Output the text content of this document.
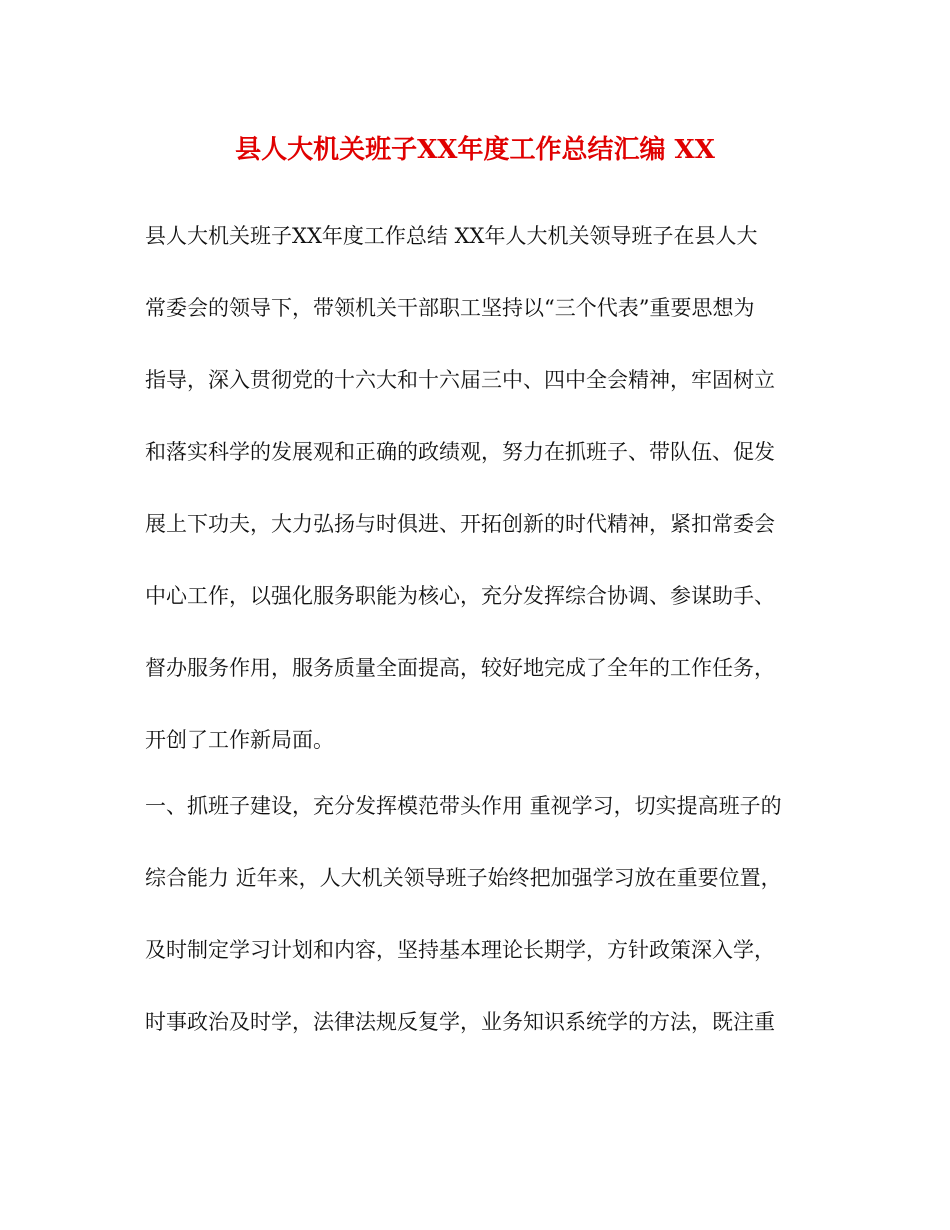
县人大机关班子XX年度工作总结汇编 XX
县人大机关班子XX年度工作总结 XX年人大机关领导班子在县人大
常委会的领导下，带领机关干部职工坚持以“三个代表”重要思想为
指导，深入贯彻党的十六大和十六届三中、四中全会精神，牢固树立
和落实科学的发展观和正确的政绩观，努力在抓班子、带队伍、促发
展上下功夫，大力弘扬与时俱进、开拓创新的时代精神，紧扣常委会
中心工作，以强化服务职能为核心，充分发挥综合协调、参谋助手、
督办服务作用，服务质量全面提高，较好地完成了全年的工作任务，
开创了工作新局面。
一、抓班子建设，充分发挥模范带头作用 重视学习，切实提高班子的
综合能力 近年来，人大机关领导班子始终把加强学习放在重要位置，
及时制定学习计划和内容，坚持基本理论长期学，方针政策深入学，
时事政治及时学，法律法规反复学，业务知识系统学的方法，既注重
